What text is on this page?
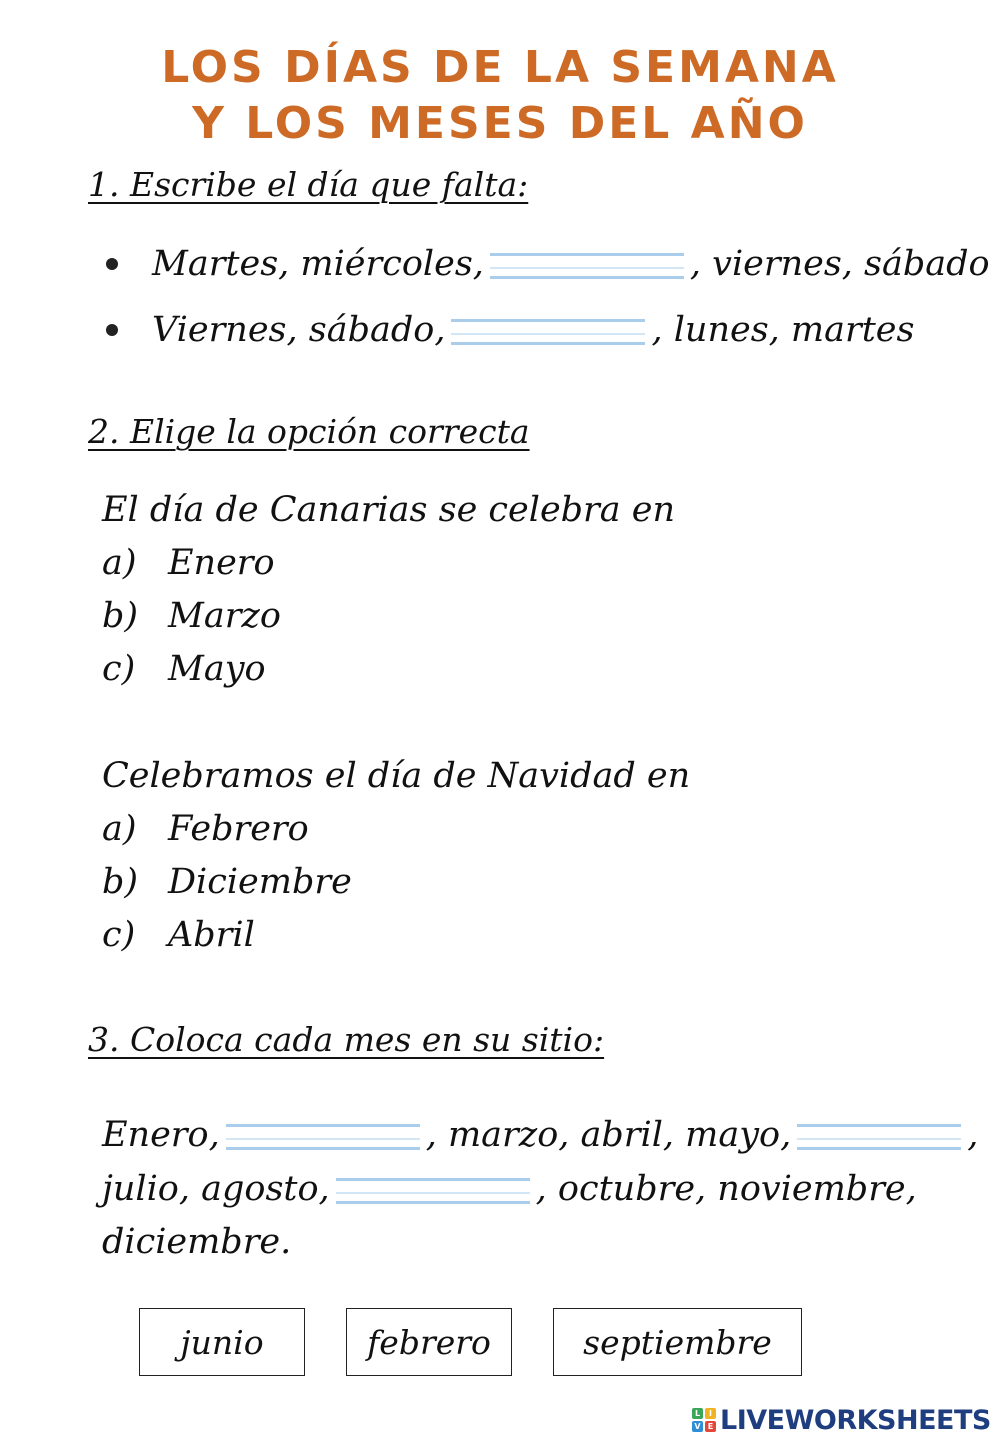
LOS DÍAS DE LA SEMANA
Y LOS MESES DEL AÑO
1. Escribe el día que falta:
Martes, miércoles,	, viernes, sábado
Viernes, sábado,	, lunes, martes
2. Elige la opción correcta
El día de Canarias se celebra en
a) Enero
b) Marzo
c) Mayo
Celebramos el día de Navidad en
a) Febrero
b) Diciembre
c) Abril
3. Coloca cada mes en su sitio:
Enero,	, marzo, abril, mayo,	,
julio, agosto,	, octubre, noviembre,
diciembre.
junio	febrero	septiembre
L	I
V E LIVEWORKSHEETS
